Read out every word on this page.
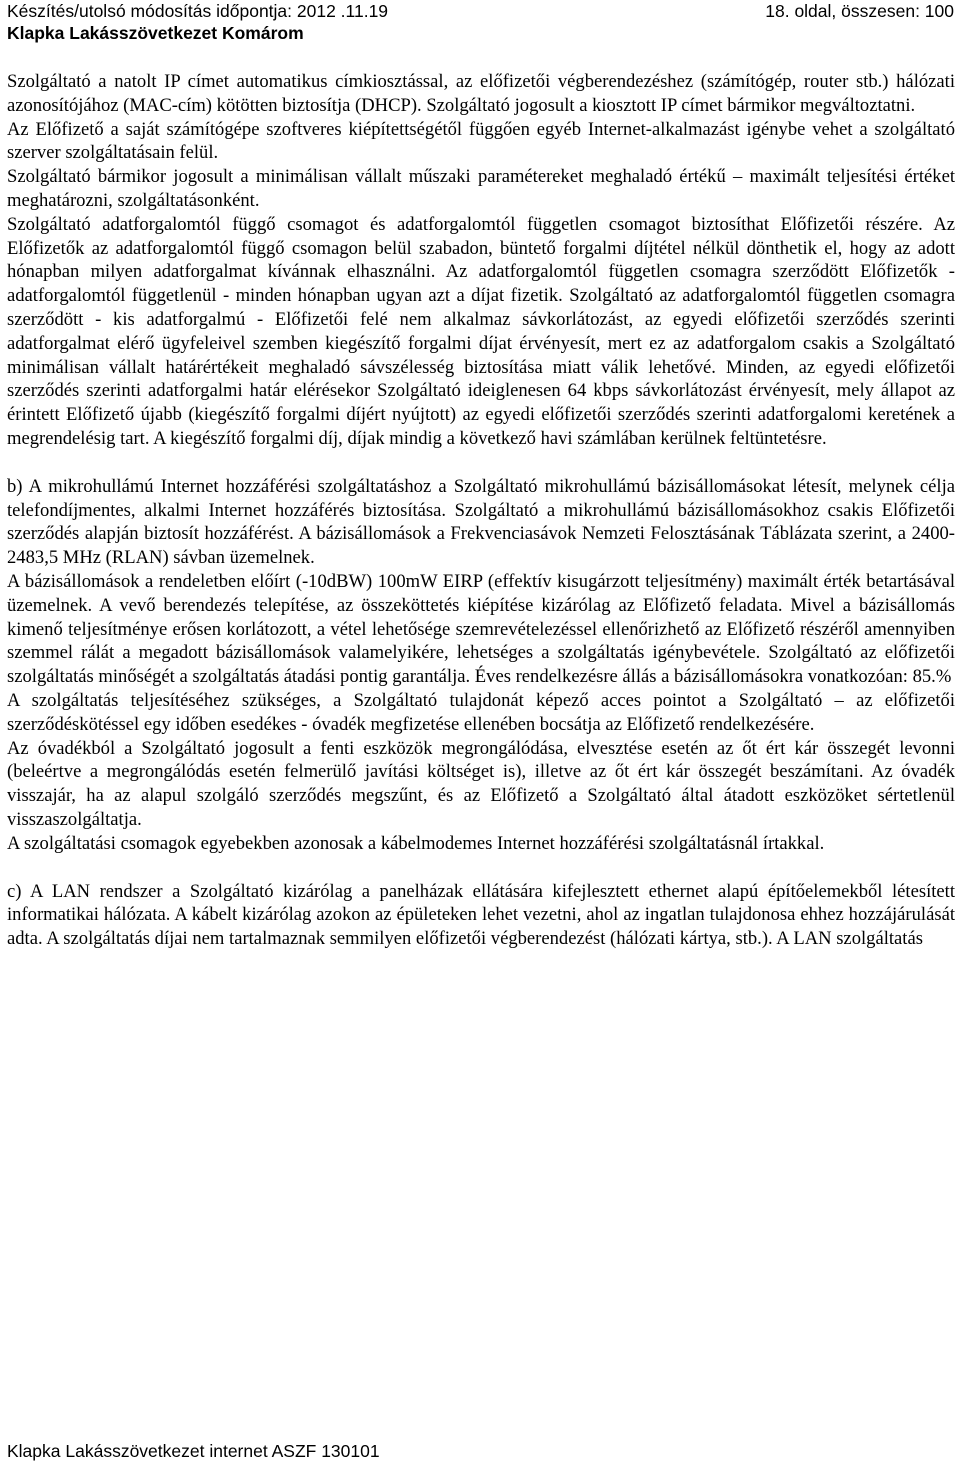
Készítés/utolsó módosítás időpontja: 2012 .11.19	18. oldal, összesen: 100
Klapka Lakásszövetkezet Komárom

Szolgáltató a natolt IP címet automatikus címkiosztással, az előfizetői végberendezéshez (számítógép, router stb.) hálózati azonosítójához (MAC-cím) kötötten biztosítja (DHCP). Szolgáltató jogosult a kiosztott IP címet bármikor megváltoztatni.

Az Előfizető a saját számítógépe szoftveres kiépítettségétől függően egyéb Internet-alkalmazást igénybe vehet a szolgáltató szerver szolgáltatásain felül.

Szolgáltató bármikor jogosult a minimálisan vállalt műszaki paramétereket meghaladó értékű – maximált teljesítési értéket meghatározni, szolgáltatásonként.

Szolgáltató adatforgalomtól függő csomagot és adatforgalomtól független csomagot biztosíthat Előfizetői részére. Az Előfizetők az adatforgalomtól függő csomagon belül szabadon, büntető forgalmi díjtétel nélkül dönthetik el, hogy az adott hónapban milyen adatforgalmat kívánnak elhasználni. Az adatforgalomtól független csomagra szerződött Előfizetők - adatforgalomtól függetlenül - minden hónapban ugyan azt a díjat fizetik. Szolgáltató az adatforgalomtól független csomagra szerződött - kis adatforgalmú - Előfizetői felé nem alkalmaz sávkorlátozást, az egyedi előfizetői szerződés szerinti adatforgalmat elérő ügyfeleivel szemben kiegészítő forgalmi díjat érvényesít, mert ez az adatforgalom csakis a Szolgáltató minimálisan vállalt határértékeit meghaladó sávszélesség biztosítása miatt válik lehetővé. Minden, az egyedi előfizetői szerződés szerinti adatforgalmi határ elérésekor Szolgáltató ideiglenesen 64 kbps sávkorlátozást érvényesít, mely állapot az érintett Előfizető újabb (kiegészítő forgalmi díjért nyújtott) az egyedi előfizetői szerződés szerinti adatforgalomi keretének a megrendelésig tart. A kiegészítő forgalmi díj, díjak mindig a következő havi számlában kerülnek feltüntetésre.

b) A mikrohullámú Internet hozzáférési szolgáltatáshoz a Szolgáltató mikrohullámú bázisállomásokat létesít, melynek célja telefondíjmentes, alkalmi Internet hozzáférés biztosítása. Szolgáltató a mikrohullámú bázisállomásokhoz csakis Előfizetői szerződés alapján biztosít hozzáférést. A bázisállomások a Frekvenciasávok Nemzeti Felosztásának Táblázata szerint, a 2400-2483,5 MHz (RLAN) sávban üzemelnek.

A bázisállomások a rendeletben előírt (-10dBW) 100mW EIRP (effektív kisugárzott teljesítmény) maximált érték betartásával üzemelnek. A vevő berendezés telepítése, az összeköttetés kiépítése kizárólag az Előfizető feladata. Mivel a bázisállomás kimenő teljesítménye erősen korlátozott, a vétel lehetősége szemrevételezéssel ellenőrizhető az Előfizető részéről amennyiben szemmel rálát a megadott bázisállomások valamelyikére, lehetséges a szolgáltatás igénybevétele. Szolgáltató az előfizetői szolgáltatás minőségét a szolgáltatás átadási pontig garantálja. Éves rendelkezésre állás a bázisállomásokra vonatkozóan: 85.%

A szolgáltatás teljesítéséhez szükséges, a Szolgáltató tulajdonát képező acces pointot a Szolgáltató – az előfizetői szerződéskötéssel egy időben esedékes - óvadék megfizetése ellenében bocsátja az Előfizető rendelkezésére.

Az óvadékból a Szolgáltató jogosult a fenti eszközök megrongálódása, elvesztése esetén az őt ért kár összegét levonni (beleértve a megrongálódás esetén felmerülő javítási költséget is), illetve az őt ért kár összegét beszámítani. Az óvadék visszajár, ha az alapul szolgáló szerződés megszűnt, és az Előfizető a Szolgáltató által átadott eszközöket sértetlenül visszaszolgáltatja.

A szolgáltatási csomagok egyebekben azonosak a kábelmodemes Internet hozzáférési szolgáltatásnál írtakkal.

c) A LAN rendszer a Szolgáltató kizárólag a panelházak ellátására kifejlesztett ethernet alapú építőelemekből létesített informatikai hálózata. A kábelt kizárólag azokon az épületeken lehet vezetni, ahol az ingatlan tulajdonosa ehhez hozzájárulását adta. A szolgáltatás díjai nem tartalmaznak semmilyen előfizetői végberendezést (hálózati kártya, stb.). A LAN szolgáltatás

Klapka Lakásszövetkezet internet ASZF 130101
